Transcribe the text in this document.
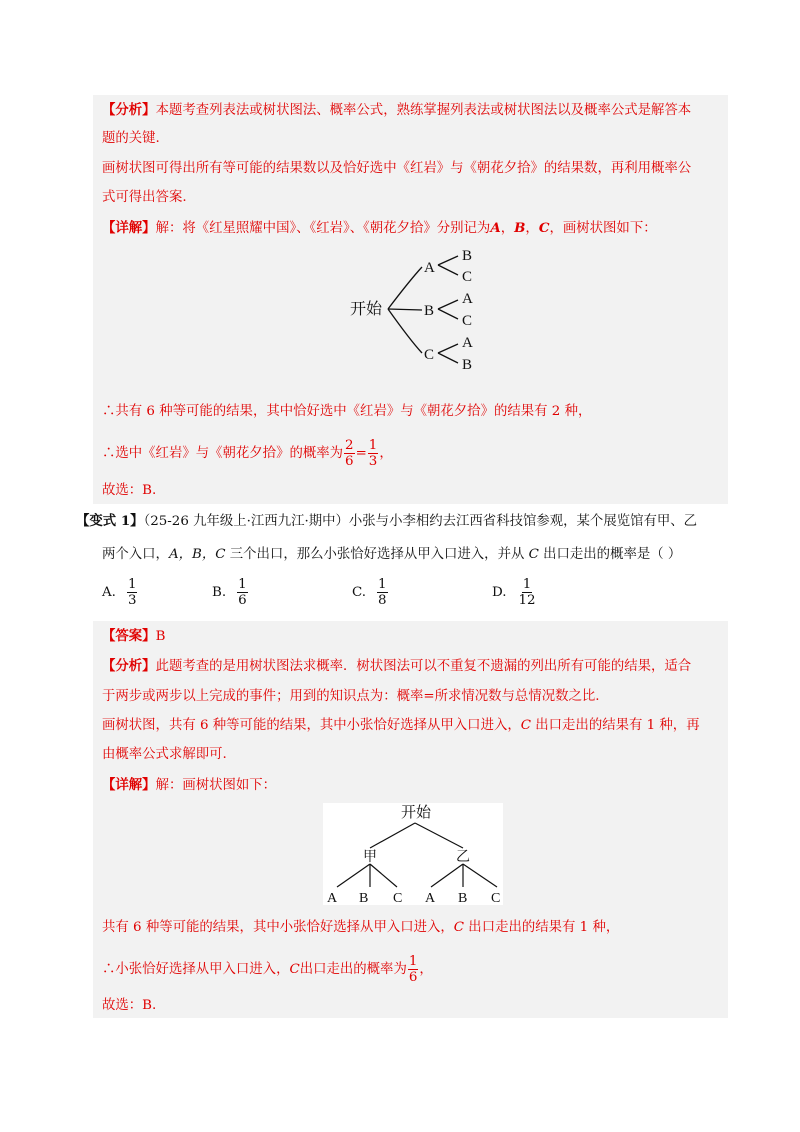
【分析】本题考查列表法或树状图法、概率公式，熟练掌握列表法或树状图法以及概率公式是解答本
题的关键.
画树状图可得出所有等可能的结果数以及恰好选中《红岩》与《朝花夕拾》的结果数，再利用概率公
式可得出答案.
【详解】解：将《红星照耀中国》、《红岩》、《朝花夕拾》分别记为A，B，C，画树状图如下：
开始
A
B
C
B
C
A
C
A
B
∴共有 6 种等可能的结果，其中恰好选中《红岩》与《朝花夕拾》的结果有 2 种，
∴选中《红岩》与《朝花夕拾》的概率为 $\frac{2}{6} = \frac{1}{3}$ ，
故选：B.
【变式 1】（25-26 九年级上·江西九江·期中）小张与小李相约去江西省科技馆参观，某个展览馆有甲、乙
两个入口，A，B，C 三个出口，那么小张恰好选择从甲入口进入，并从 C 出口走出的概率是（ ）
A. $\frac{1}{3}$	B. $\frac{1}{6}$	C. $\frac{1}{8}$	D. $\frac{1}{12}$
【答案】B
【分析】此题考查的是用树状图法求概率．树状图法可以不重复不遗漏的列出所有可能的结果，适合
于两步或两步以上完成的事件；用到的知识点为：概率=所求情况数与总情况数之比.
画树状图，共有 6 种等可能的结果，其中小张恰好选择从甲入口进入，C 出口走出的结果有 1 种，再
由概率公式求解即可.
【详解】解：画树状图如下：
开始
甲	乙
A B C A B C
共有 6 种等可能的结果，其中小张恰好选择从甲入口进入，C 出口走出的结果有 1 种，
∴小张恰好选择从甲入口进入， C 出口走出的概率为 $\frac{1}{6}$ ，
故选：B.
